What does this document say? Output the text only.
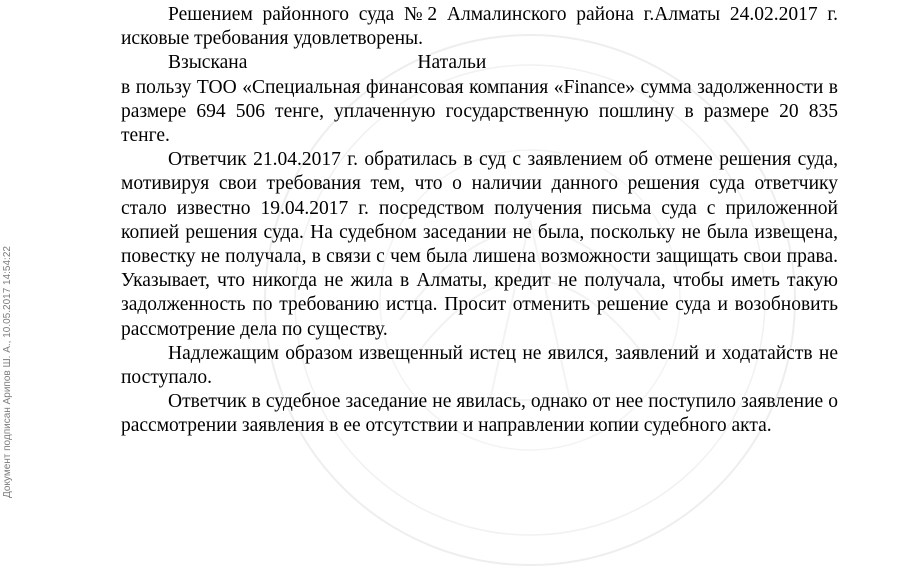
Документ подписан Арипов Ш. А., 10.05.2017 14:54:22

Решением районного суда №2 Алмалинского района г.Алматы 24.02.2017 г. исковые требования удовлетворены.

Взыскана	Натальи

в пользу ТОО «Специальная финансовая компания «Finance» сумма задолженности в размере 694 506 тенге, уплаченную государственную пошлину в размере 20 835 тенге.

Ответчик 21.04.2017 г. обратилась в суд с заявлением об отмене решения суда, мотивируя свои требования тем, что о наличии данного решения суда ответчику стало известно 19.04.2017 г. посредством получения письма суда с приложенной копией решения суда. На судебном заседании не была, поскольку не была извещена, повестку не получала, в связи с чем была лишена возможности защищать свои права. Указывает, что никогда не жила в Алматы, кредит не получала, чтобы иметь такую задолженность по требованию истца. Просит отменить решение суда и возобновить рассмотрение дела по существу.

Надлежащим образом извещенный истец не явился, заявлений и ходатайств не поступало.

Ответчик в судебное заседание не явилась, однако от нее поступило заявление о рассмотрении заявления в ее отсутствии и направлении копии судебного акта.
